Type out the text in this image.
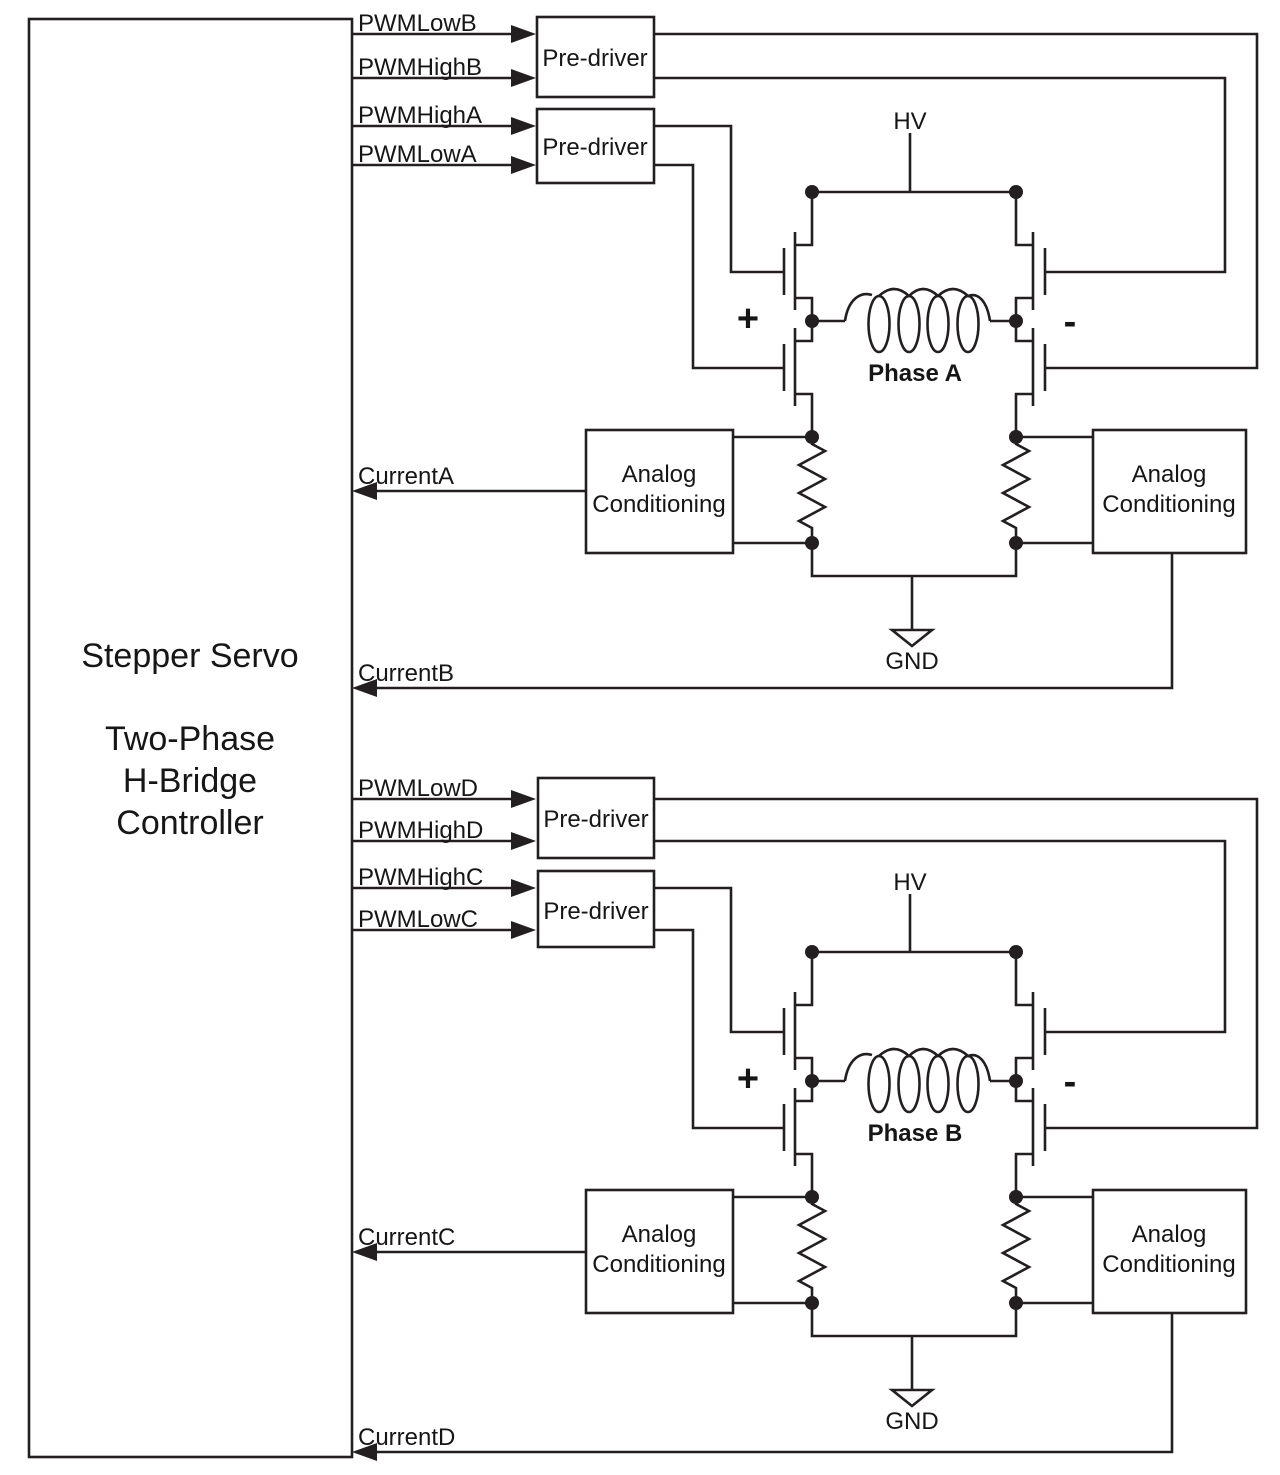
Stepper Servo
Two-Phase
H-Bridge
Controller
PWMLowB
PWMHighB
PWMHighA
PWMLowA
Pre-driver
Pre-driver
HV
+	-
Phase A
GND
Analog
Conditioning
Analog
Conditioning
CurrentA
CurrentB
PWMLowD
PWMHighD
PWMHighC
PWMLowC
Pre-driver
Pre-driver
HV
+	-
Phase B
GND
Analog
Conditioning
Analog
Conditioning
CurrentC
CurrentD
